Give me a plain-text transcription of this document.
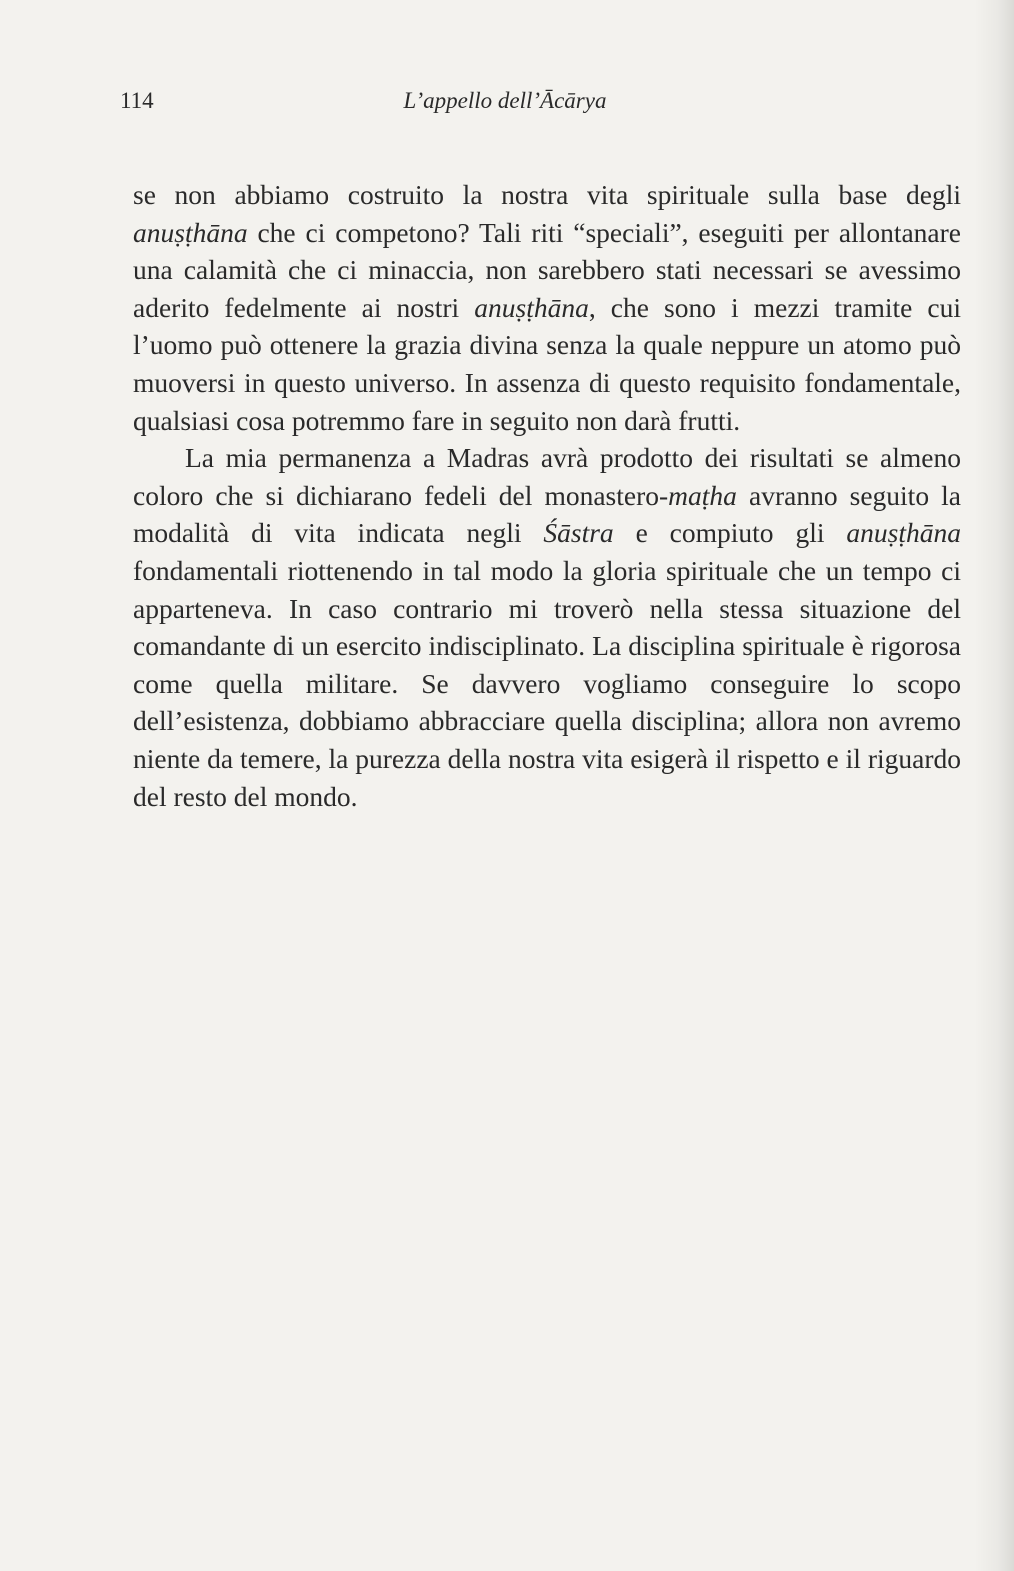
114	L’appello dell’Ācārya

se non abbiamo costruito la nostra vita spirituale sulla base degli anuṣṭhāna che ci competono? Tali riti “speciali”, eseguiti per allontanare una calamità che ci minaccia, non sarebbero stati necessari se avessimo aderito fedelmente ai nostri anuṣṭhāna, che sono i mezzi tramite cui l’uomo può ottenere la grazia divina senza la quale neppure un atomo può muoversi in questo universo. In assenza di questo requisito fondamentale, qualsiasi cosa potremmo fare in seguito non darà frutti.

La mia permanenza a Madras avrà prodotto dei risultati se almeno coloro che si dichiarano fedeli del monastero-maṭha avranno seguito la modalità di vita indicata negli Śāstra e compiuto gli anuṣṭhāna fondamentali riottenendo in tal modo la gloria spirituale che un tempo ci apparteneva. In caso contrario mi troverò nella stessa situazione del comandante di un esercito indisciplinato. La disciplina spirituale è rigorosa come quella militare. Se davvero vogliamo conseguire lo scopo dell’esistenza, dobbiamo abbracciare quella disciplina; allora non avremo niente da temere, la purezza della nostra vita esigerà il rispetto e il riguardo del resto del mondo.
